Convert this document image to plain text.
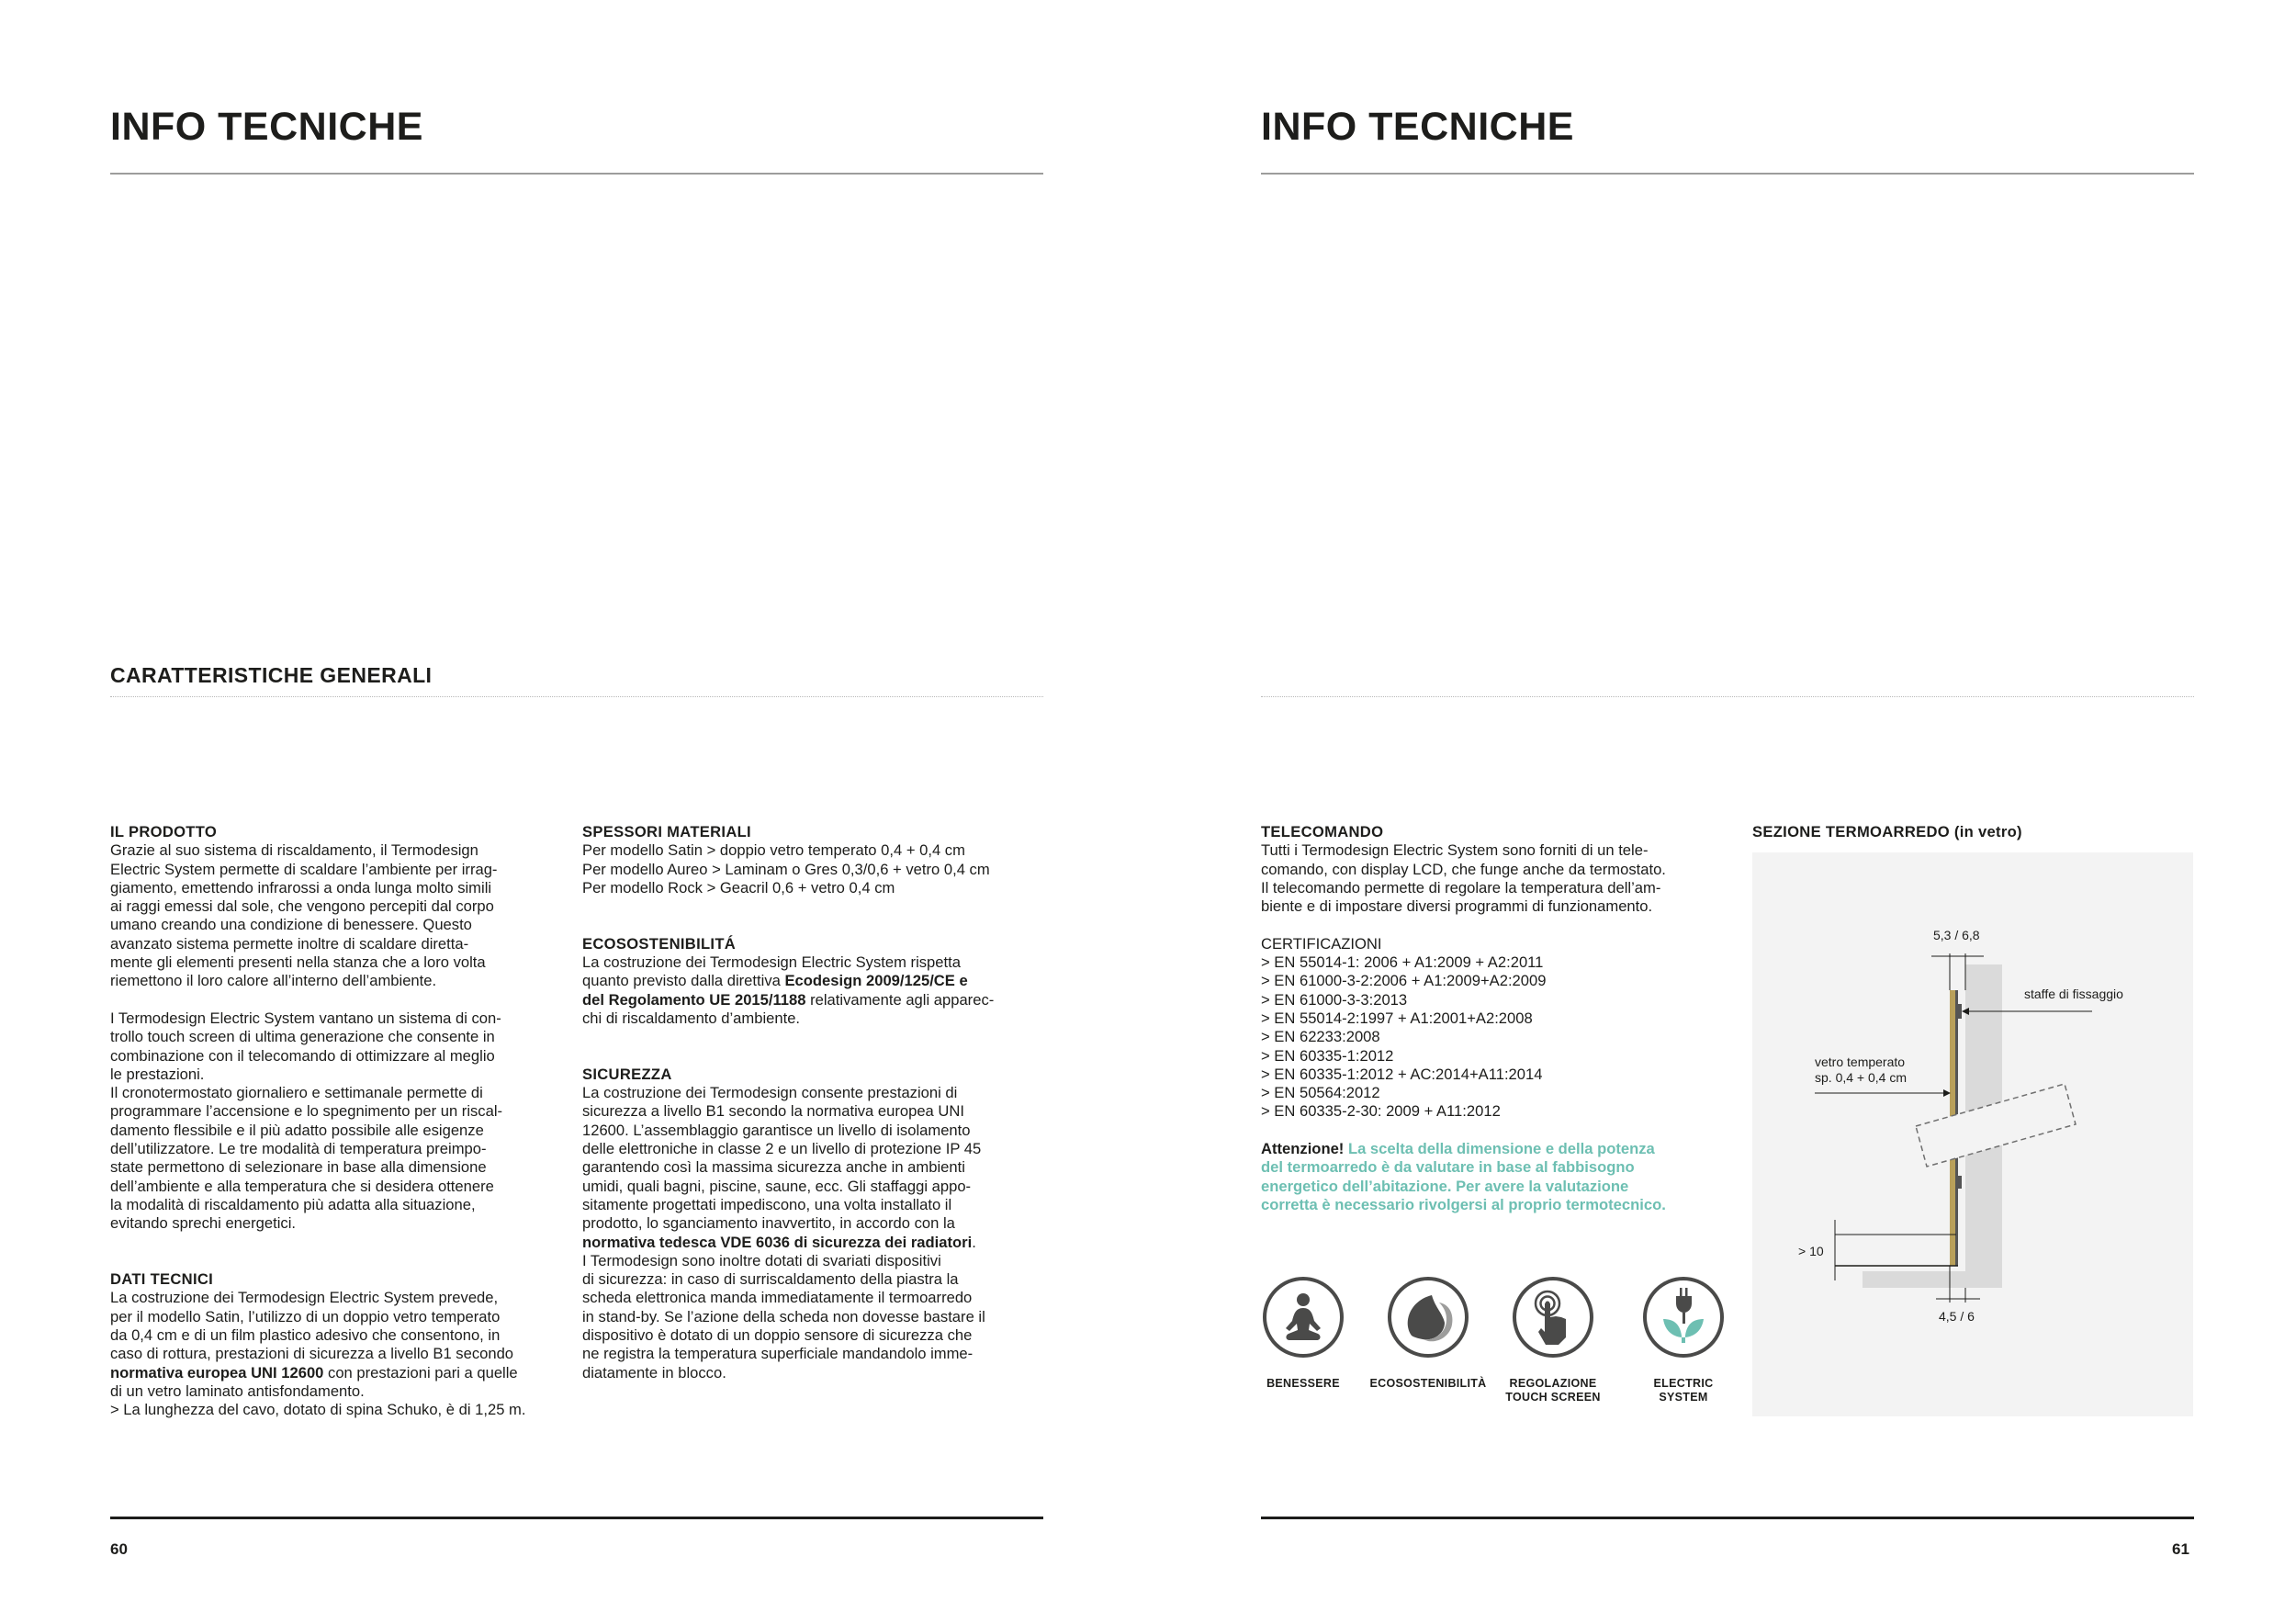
INFO TECNICHE
CARATTERISTICHE GENERALI

IL PRODOTTO

Grazie al suo sistema di riscaldamento, il Termodesign

Electric System permette di scaldare l’ambiente per irrag-

giamento, emettendo infrarossi a onda lunga molto simili

ai raggi emessi dal sole, che vengono percepiti dal corpo

umano creando una condizione di benessere. Questo

avanzato sistema permette inoltre di scaldare diretta-

mente gli elementi presenti nella stanza che a loro volta

riemettono il loro calore all’interno dell’ambiente.

I Termodesign Electric System vantano un sistema di con-

trollo touch screen di ultima generazione che consente in

combinazione con il telecomando di ottimizzare al meglio

le prestazioni.

Il cronotermostato giornaliero e settimanale permette di

programmare l’accensione e lo spegnimento per un riscal-

damento flessibile e il più adatto possibile alle esigenze

dell’utilizzatore. Le tre modalità di temperatura preimpo-

state permettono di selezionare in base alla dimensione

dell’ambiente e alla temperatura che si desidera ottenere

la modalità di riscaldamento più adatta alla situazione,

evitando sprechi energetici.

DATI TECNICI

La costruzione dei Termodesign Electric System prevede,

per il modello Satin, l’utilizzo di un doppio vetro temperato

da 0,4 cm e di un film plastico adesivo che consentono, in

caso di rottura, prestazioni di sicurezza a livello B1 secondo

normativa europea UNI 12600 con prestazioni pari a quelle

di un vetro laminato antisfondamento.

> La lunghezza del cavo, dotato di spina Schuko, è di 1,25 m.

SPESSORI MATERIALI

Per modello Satin > doppio vetro temperato 0,4 + 0,4 cm

Per modello Aureo > Laminam o Gres 0,3/0,6 + vetro 0,4 cm

Per modello Rock > Geacril 0,6 + vetro 0,4 cm

ECOSOSTENIBILITÁ

La costruzione dei Termodesign Electric System rispetta

quanto previsto dalla direttiva Ecodesign 2009/125/CE e

del Regolamento UE 2015/1188 relativamente agli apparec-

chi di riscaldamento d’ambiente.

SICUREZZA

La costruzione dei Termodesign consente prestazioni di

sicurezza a livello B1 secondo la normativa europea UNI

12600. L’assemblaggio garantisce un livello di isolamento

delle elettroniche in classe 2 e un livello di protezione IP 45

garantendo così la massima sicurezza anche in ambienti

umidi, quali bagni, piscine, saune, ecc. Gli staffaggi appo-

sitamente progettati impediscono, una volta installato il

prodotto, lo sganciamento inavvertito, in accordo con la

normativa tedesca VDE 6036 di sicurezza dei radiatori.

I Termodesign sono inoltre dotati di svariati dispositivi

di sicurezza: in caso di surriscaldamento della piastra la

scheda elettronica manda immediatamente il termoarredo

in stand-by. Se l’azione della scheda non dovesse bastare il

dispositivo è dotato di un doppio sensore di sicurezza che

ne registra la temperatura superficiale mandandolo imme-

diatamente in blocco.

60
INFO TECNICHE

TELECOMANDO

Tutti i Termodesign Electric System sono forniti di un tele-

comando, con display LCD, che funge anche da termostato.

Il telecomando permette di regolare la temperatura dell’am-

biente e di impostare diversi programmi di funzionamento.

CERTIFICAZIONI

> EN 55014-1: 2006 + A1:2009 + A2:2011

> EN 61000-3-2:2006 + A1:2009+A2:2009

> EN 61000-3-3:2013

> EN 55014-2:1997 + A1:2001+A2:2008

> EN 62233:2008

> EN 60335-1:2012

> EN 60335-1:2012 + AC:2014+A11:2014

> EN 50564:2012

> EN 60335-2-30: 2009 + A11:2012

Attenzione! La scelta della dimensione e della potenza

del termoarredo è da valutare in base al fabbisogno

energetico dell’abitazione. Per avere la valutazione

corretta è necessario rivolgersi al proprio termotecnico.

BENESSERE	ECOSOSTENIBILITÀ	REGOLAZIONE
TOUCH SCREEN
ELECTRIC
SYSTEM

SEZIONE TERMOARREDO (in vetro)

5,3 / 6,8
staffe di fissaggio
vetro temperato
sp. 0,4 + 0,4 cm
> 10
4,5 / 6
61
